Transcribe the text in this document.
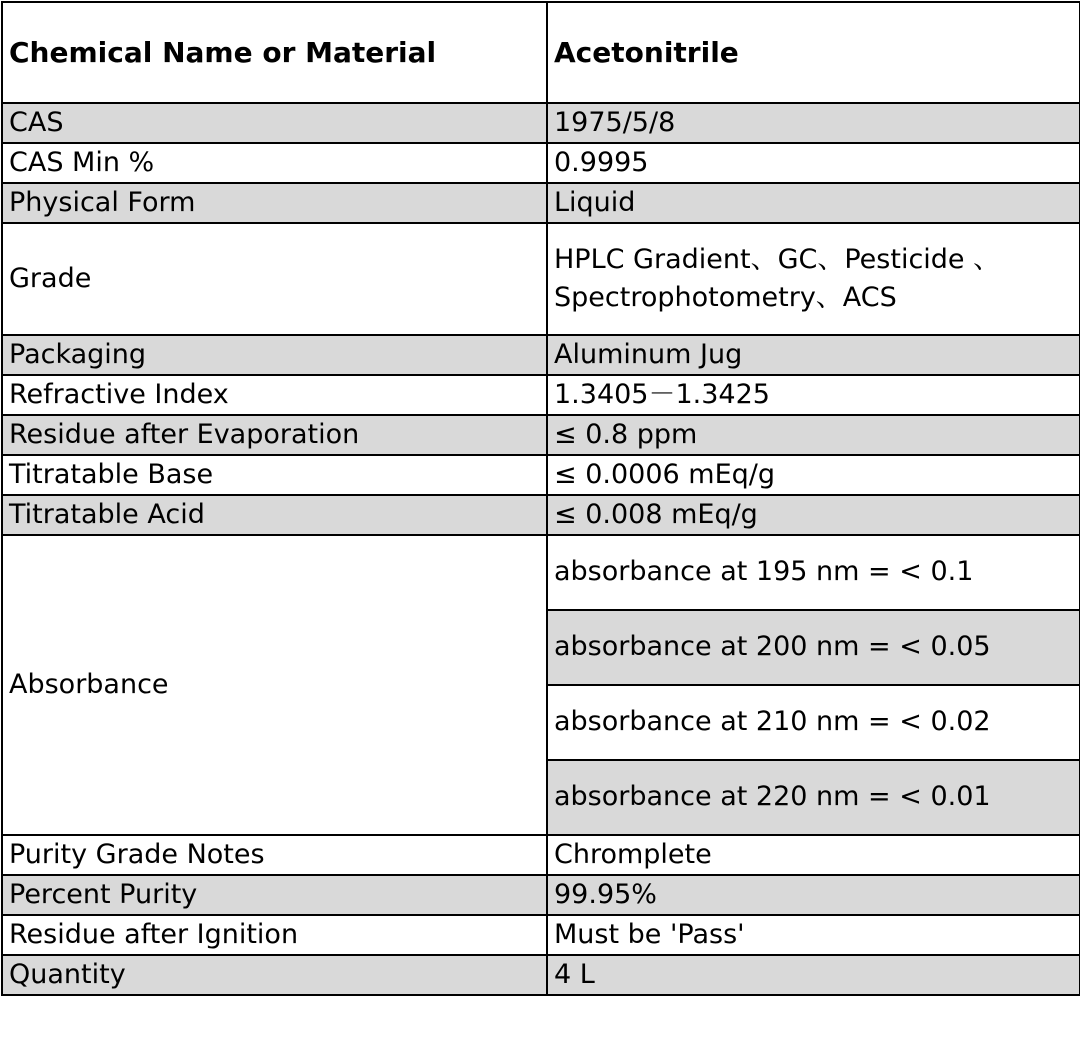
Chemical Name or Material	Acetonitrile
CAS	1975/5/8
CAS Min %	0.9995
Physical Form	Liquid
Grade	HPLC Gradient、GC、Pesticide 、Spectrophotometry、ACS
Packaging	Aluminum Jug
Refractive Index	1.3405－1.3425
Residue after Evaporation	≤ 0.8 ppm
Titratable Base	≤ 0.0006 mEq/g
Titratable Acid	≤ 0.008 mEq/g
Absorbance	absorbance at 195 nm = < 0.1
	absorbance at 200 nm = < 0.05
	absorbance at 210 nm = < 0.02
	absorbance at 220 nm = < 0.01
Purity Grade Notes	Chromplete
Percent Purity	99.95%
Residue after Ignition	Must be 'Pass'
Quantity	4 L
